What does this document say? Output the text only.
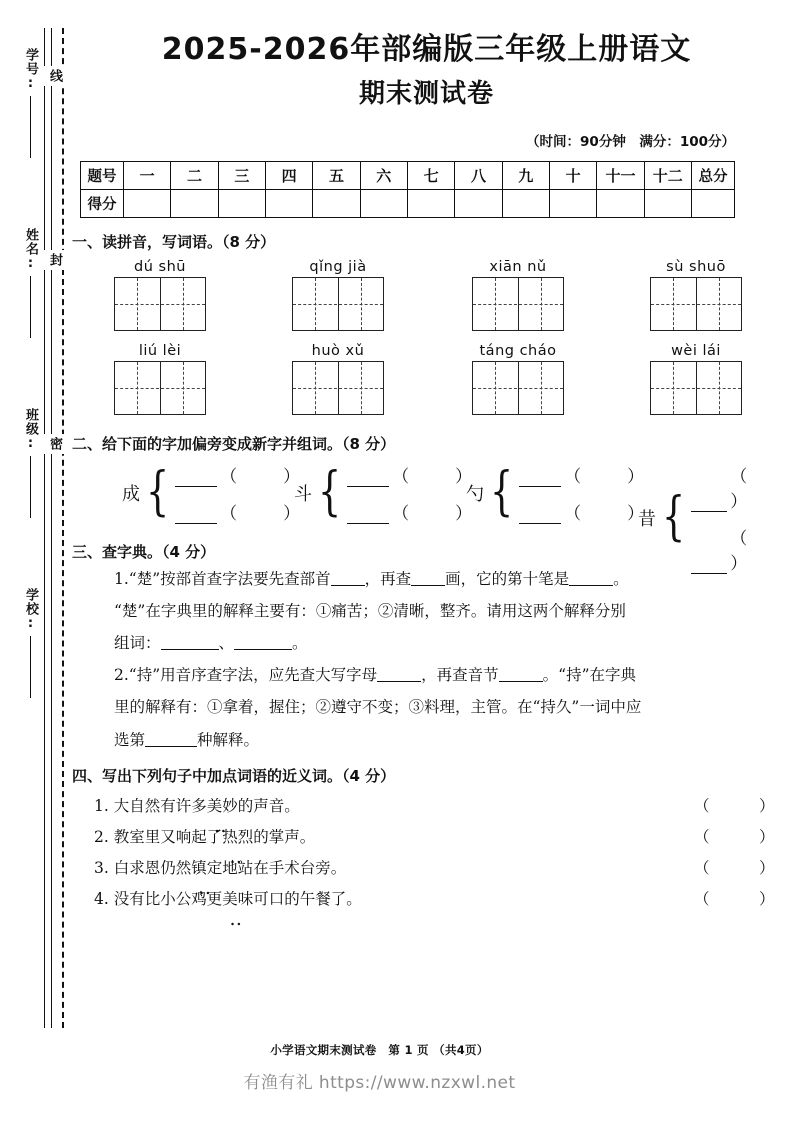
线
封
密
学号:
姓名:
班级:
学校:
2025-2026年部编版三年级上册语文
期末测试卷
（时间：90分钟　满分：100分）
题号	一	二	三	四	五	六	七	八	九	十	十一	十二	总分
得分													
一、读拼音，写词语。（8 分）
dú shū	qǐng jià	xiān nǔ	sù shuō
liú lèi	huò xǔ	táng cháo	wèi lái
二、给下面的字加偏旁变成新字并组词。（8 分）
成 {	（	）
（	）
斗 {	（	）
（	）
勺 {	（	）
（	）
昔 {
（）
（）
三、查字典。（4 分）
1.“楚”按部首查字法要先查部首 ，再查 画，它的第十笔是	。
“楚”在字典里的解释主要有：①痛苦；②清晰，整齐。请用这两个解释分别
组词：	、	。
2.“持”用音序查字法，应先查大写字母	，再查音节	。“持”在字典
里的解释有：①拿着，握住；②遵守不变；③料理，主管。在“持久”一词中应
选第	种解释。
四、写出下列句子中加点词语的近义词。（4 分）
1. 大自然有许多美妙 ‥的声音。	（	）
2. 教室里又响起了热烈 ‥的掌声。	（	）
3. 白求恩仍然镇定 ‥地站在手术台旁。	（	）
4. 没有比小公鸡更美味 ‥可口的午餐了。	（	）
小学语文期末测试卷　第 1 页 （共4页）
有渔有礼 https://www.nzxwl.net
